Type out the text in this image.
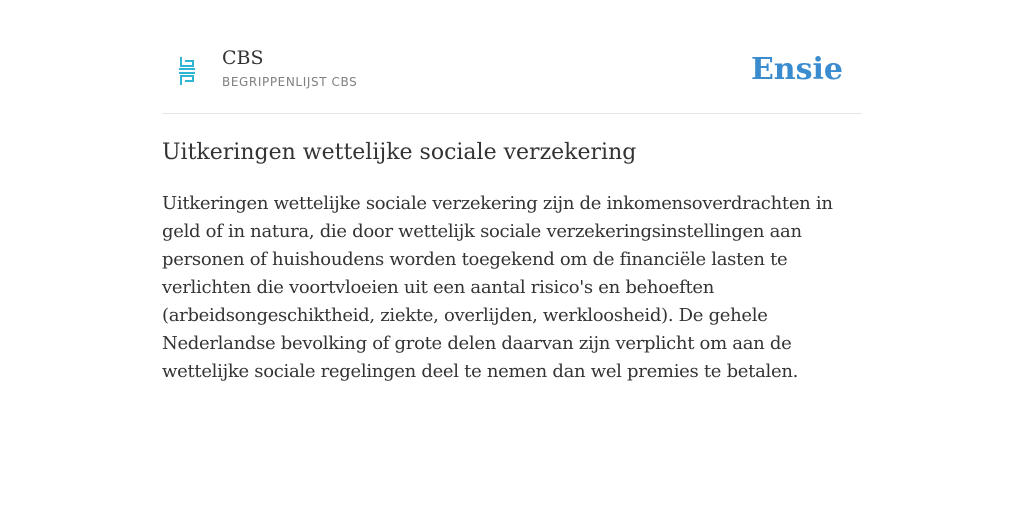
CBS
BEGRIPPENLIJST CBS	Ensie
Uitkeringen wettelijke sociale verzekering

Uitkeringen wettelijke sociale verzekering zijn de inkomensoverdrachten in geld of in natura, die door wettelijk sociale verzekeringsinstellingen aan personen of huishoudens worden toegekend om de financiële lasten te verlichten die voortvloeien uit een aantal risico's en behoeften (arbeidsongeschiktheid, ziekte, overlijden, werkloosheid). De gehele Nederlandse bevolking of grote delen daarvan zijn verplicht om aan de wettelijke sociale regelingen deel te nemen dan wel premies te betalen.
